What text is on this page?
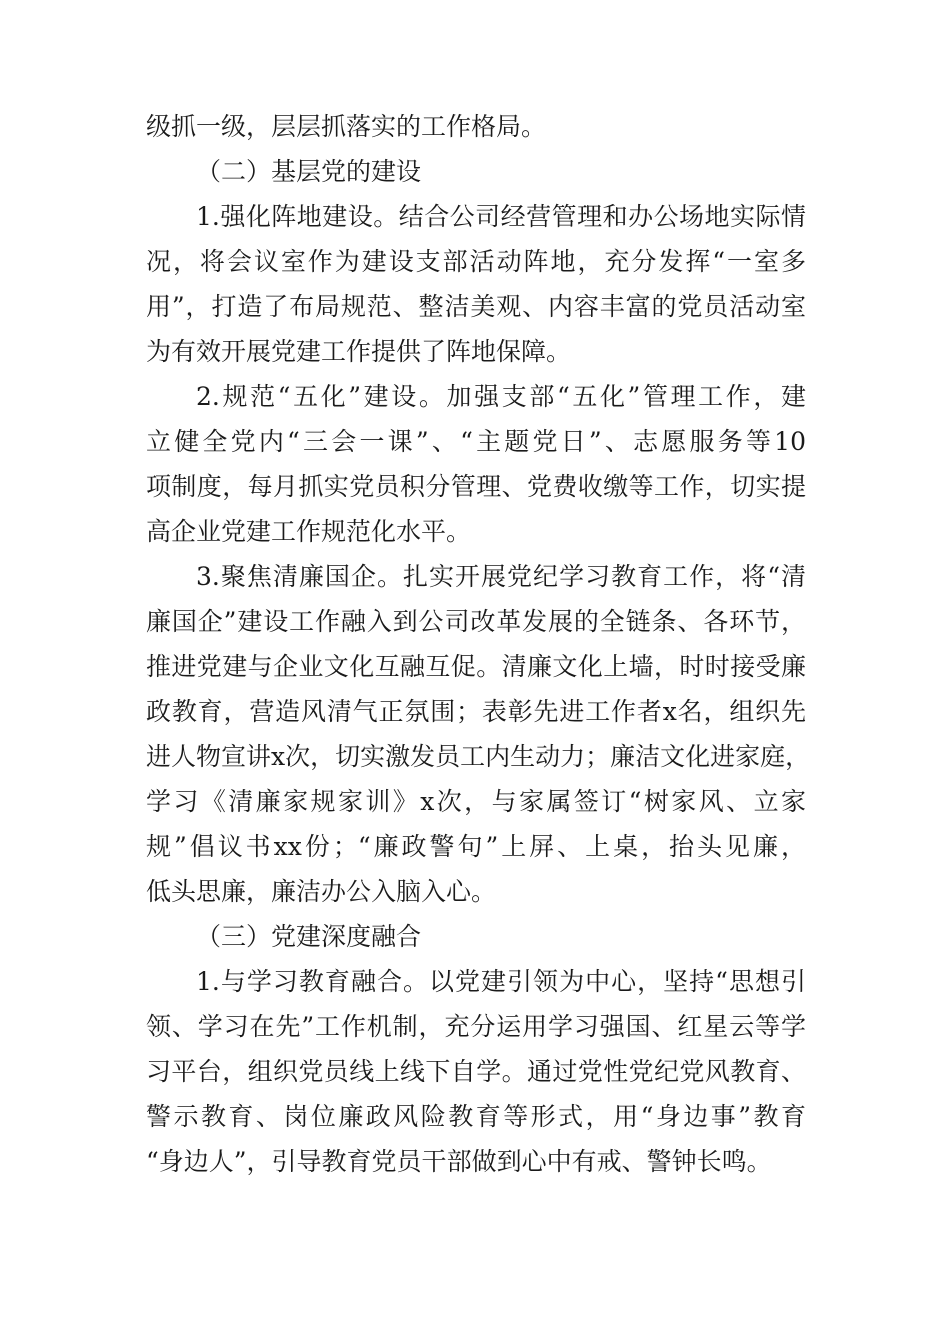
级抓一级，层层抓落实的工作格局。
（二）基层党的建设
1.强化阵地建设。结合公司经营管理和办公场地实际情
况，将会议室作为建设支部活动阵地，充分发挥“一室多
用”，打造了布局规范、整洁美观、内容丰富的党员活动室
为有效开展党建工作提供了阵地保障。
2.规范“五化”建设。加强支部“五化”管理工作，建
立健全党内“三会一课”、“主题党日”、志愿服务等10
项制度，每月抓实党员积分管理、党费收缴等工作，切实提
高企业党建工作规范化水平。
3.聚焦清廉国企。扎实开展党纪学习教育工作，将“清
廉国企”建设工作融入到公司改革发展的全链条、各环节，
推进党建与企业文化互融互促。清廉文化上墙，时时接受廉
政教育，营造风清气正氛围；表彰先进工作者x名，组织先
进人物宣讲x次，切实激发员工内生动力；廉洁文化进家庭，
学习《清廉家规家训》x次，与家属签订“树家风、立家
规”倡议书xx份；“廉政警句”上屏、上桌，抬头见廉，
低头思廉，廉洁办公入脑入心。
（三）党建深度融合
1.与学习教育融合。以党建引领为中心，坚持“思想引
领、学习在先”工作机制，充分运用学习强国、红星云等学
习平台，组织党员线上线下自学。通过党性党纪党风教育、
警示教育、岗位廉政风险教育等形式，用“身边事”教育
“身边人”，引导教育党员干部做到心中有戒、警钟长鸣。
